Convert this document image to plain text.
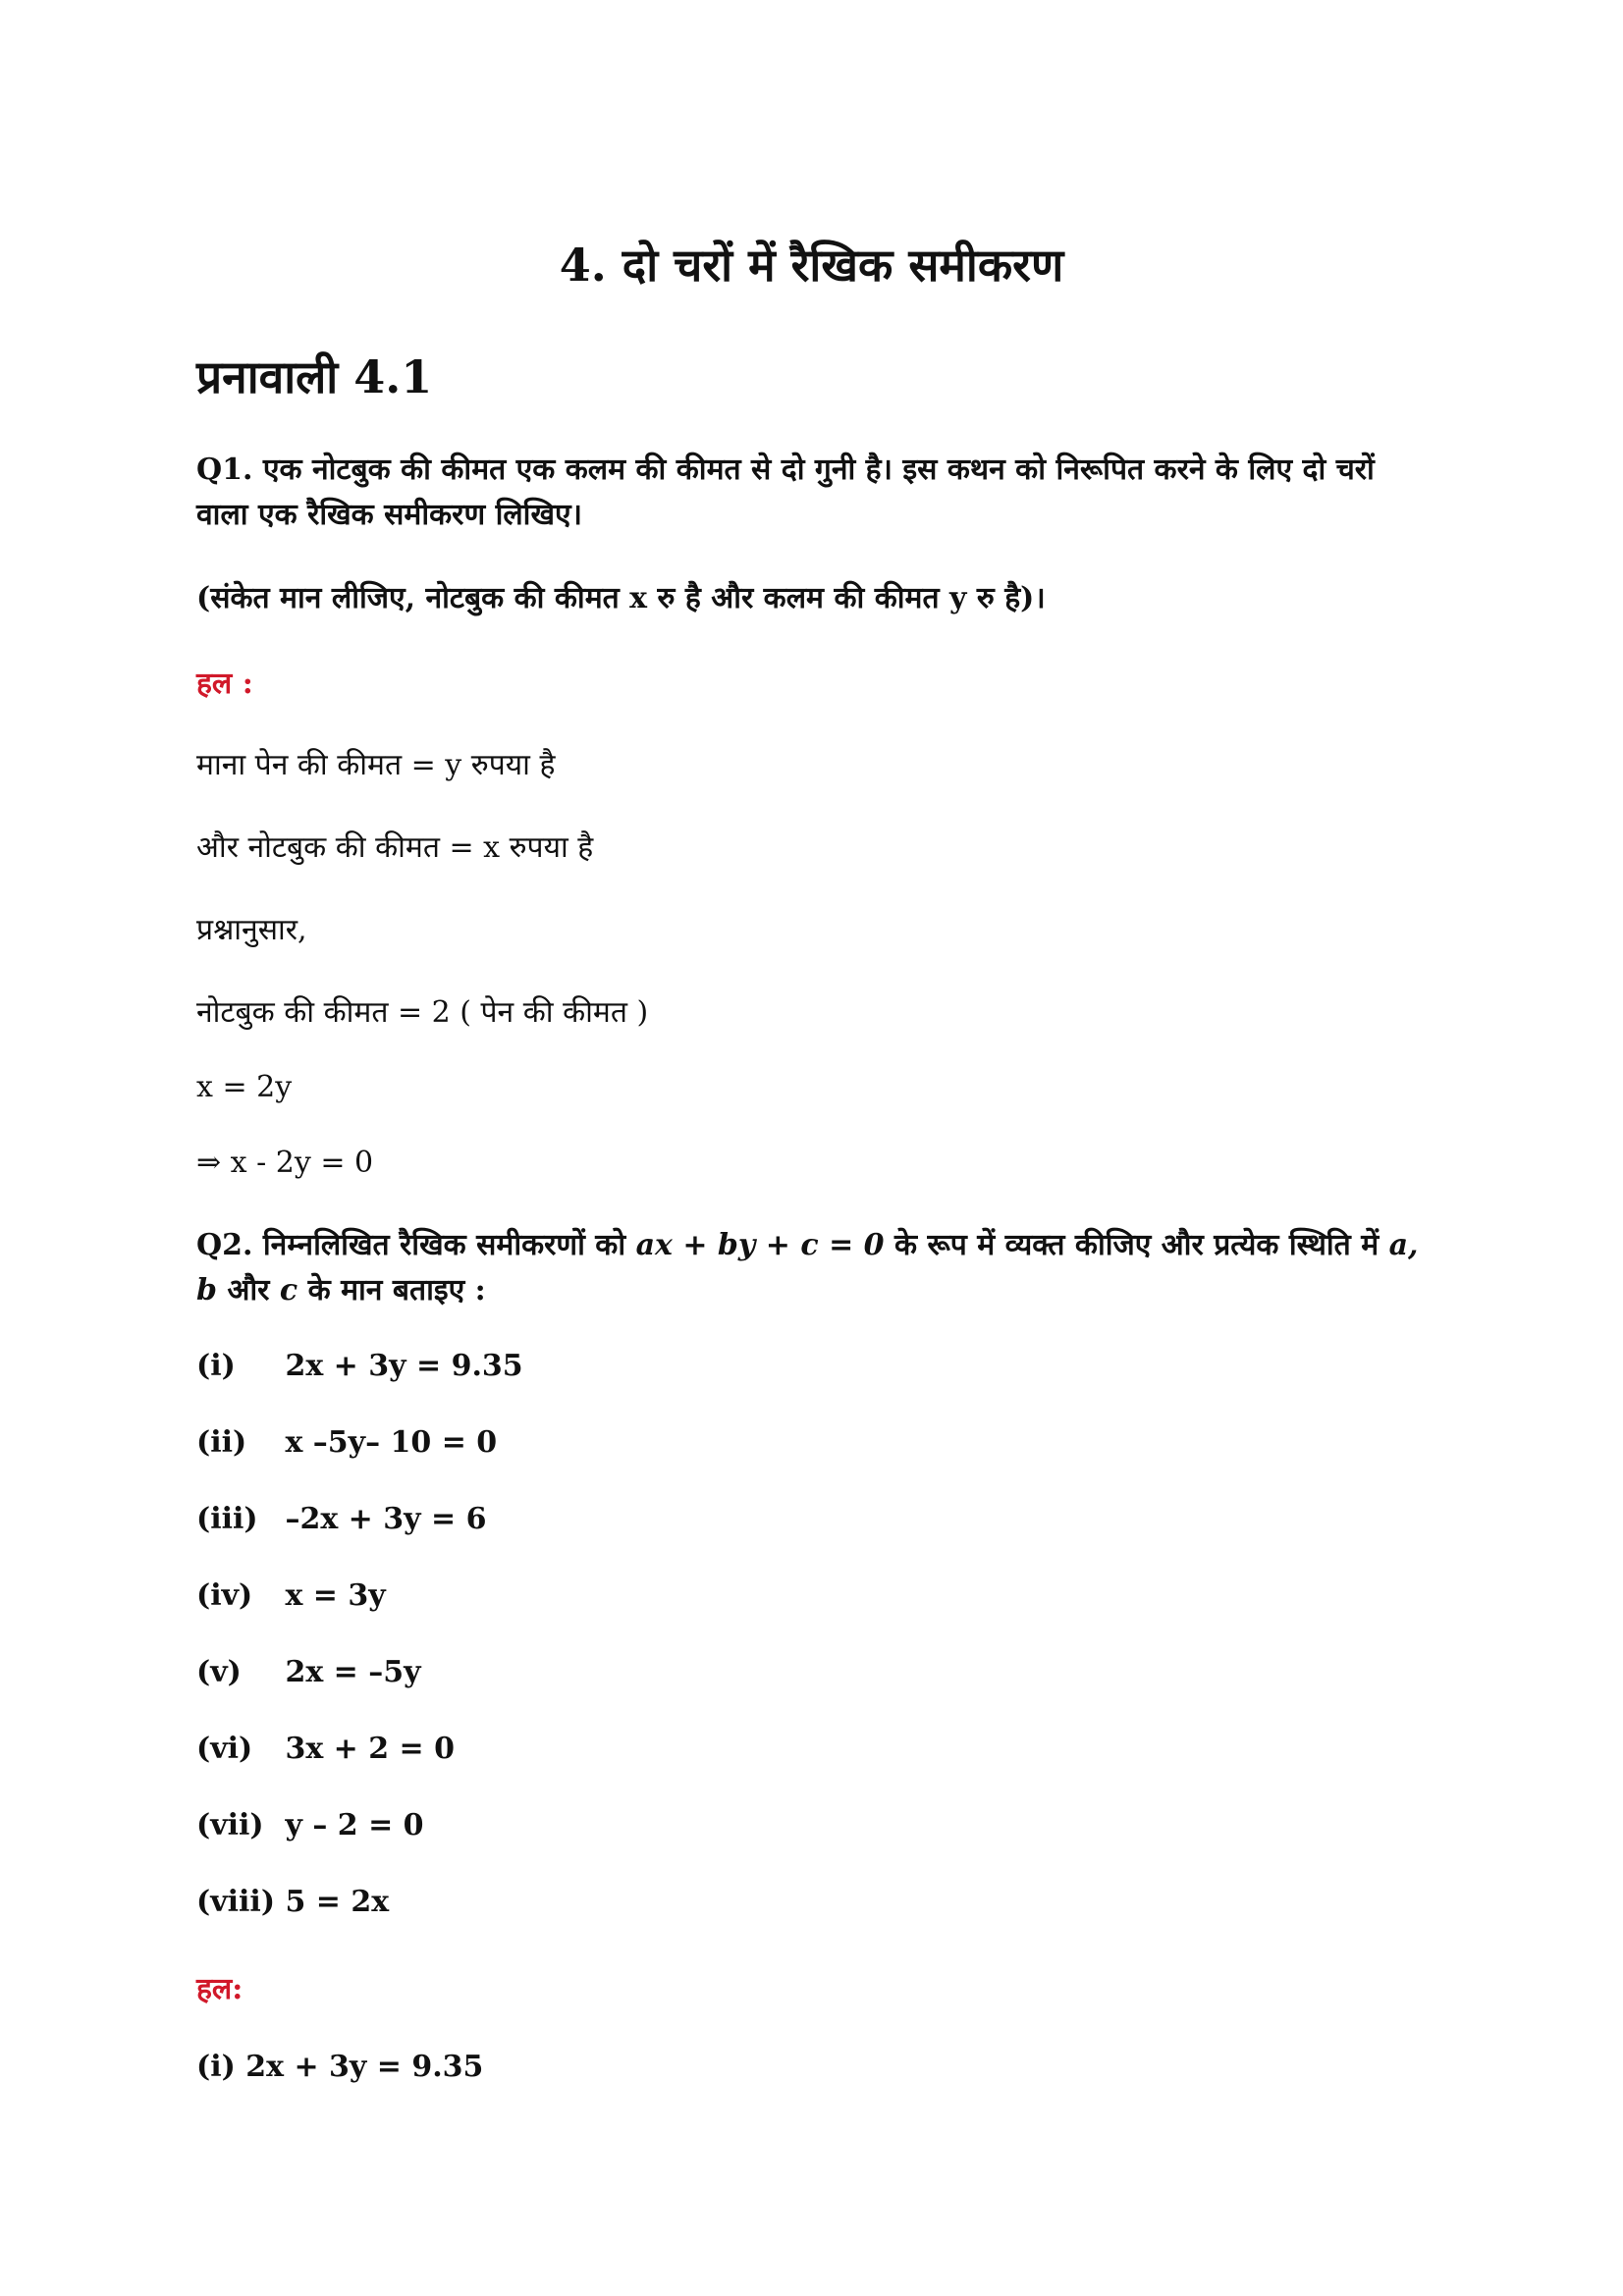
4. दो चरों में रैखिक समीकरण
प्रनावाली 4.1

Q1. एक नोटबुक की कीमत एक कलम की कीमत से दो गुनी है। इस कथन को निरूपित करने के लिए दो चरों वाला एक रैखिक समीकरण लिखिए।

(संकेत मान लीजिए, नोटबुक की कीमत x रु है और कलम की कीमत y रु है)।

हल :

माना पेन की कीमत = y रुपया है

और नोटबुक की कीमत = x रुपया है

प्रश्नानुसार,

नोटबुक की कीमत = 2 ( पेन की कीमत )

x = 2y

⇒ x - 2y = 0

Q2. निम्नलिखित रैखिक समीकरणों को ax + by + c = 0 के रूप में व्यक्त कीजिए और प्रत्येक स्थिति में a, b और c के मान बताइए :

(i) 2x + 3y = 9.35

(ii) x –5y– 10 = 0

(iii) –2x + 3y = 6

(iv) x = 3y

(v) 2x = –5y

(vi) 3x + 2 = 0

(vii) y – 2 = 0

(viii) 5 = 2x

हल:

(i) 2x + 3y = 9.35
